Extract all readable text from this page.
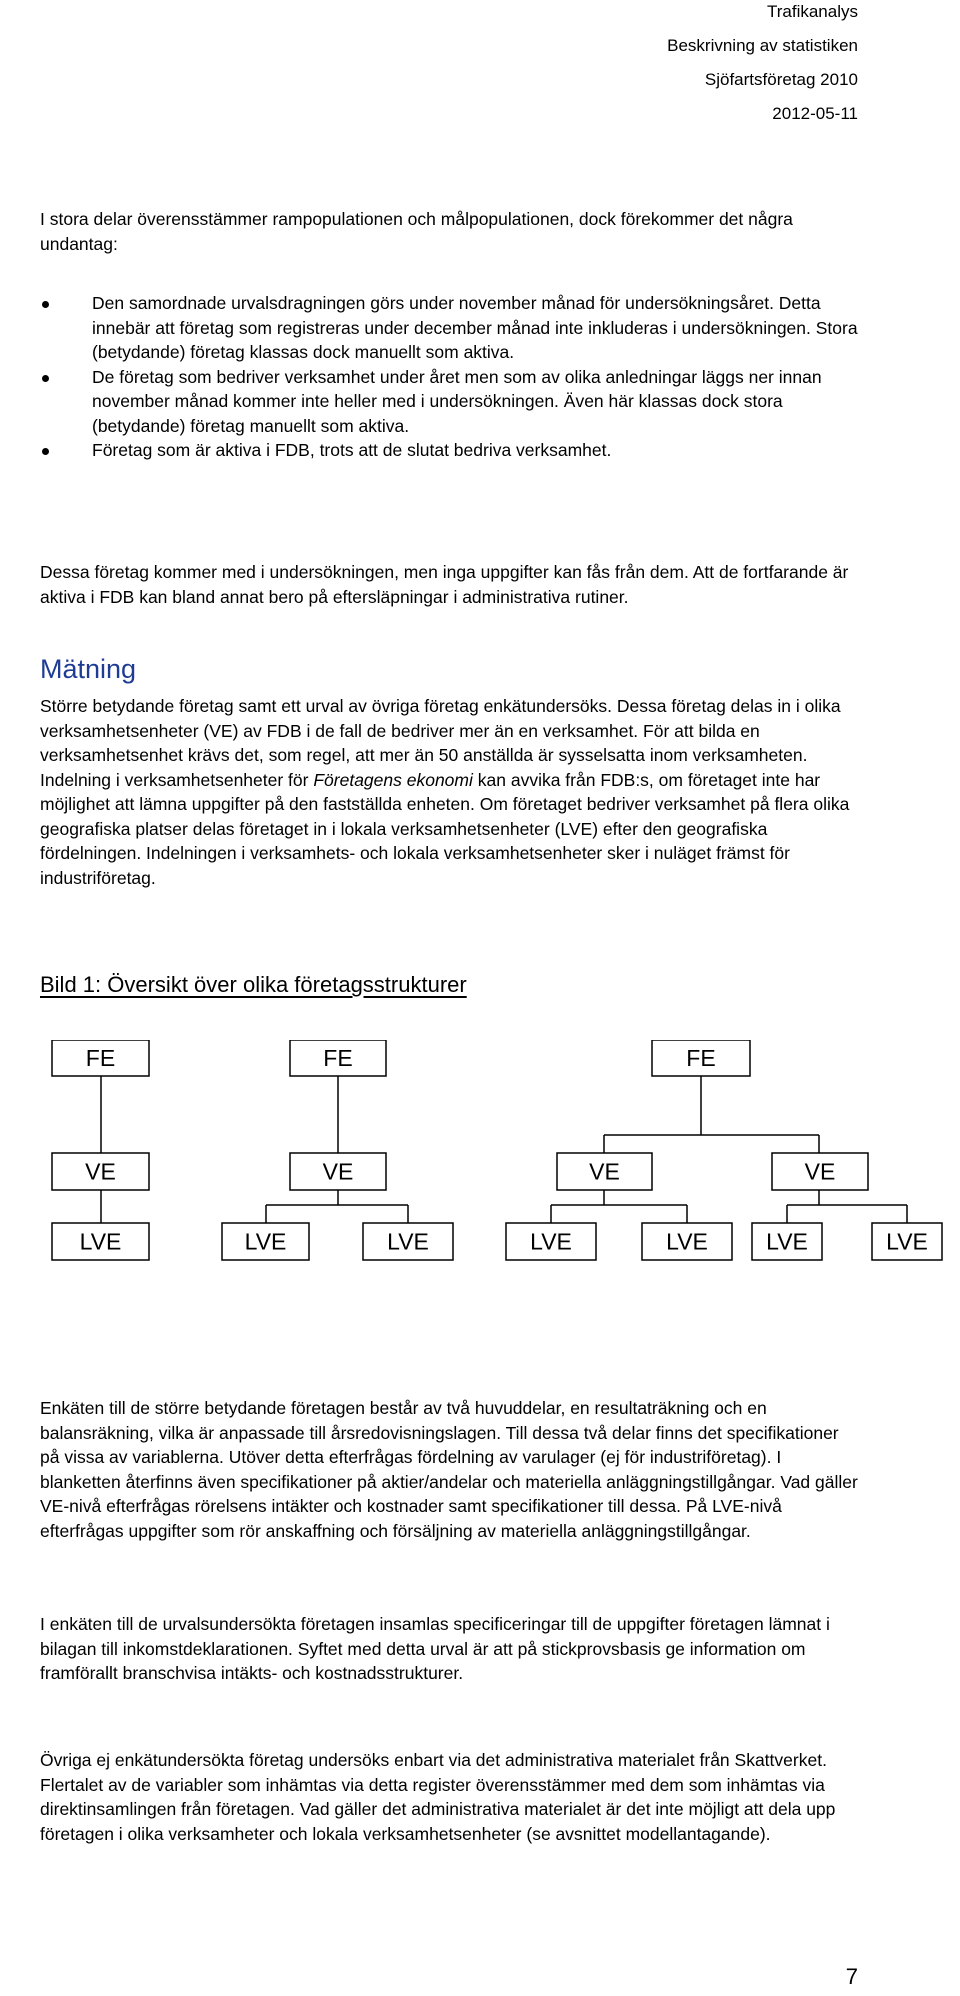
Trafikanalys
Beskrivning av statistiken
Sjöfartsföretag 2010
2012-05-11

I stora delar överensstämmer rampopulationen och målpopulationen, dock förekommer det några undantag:

Den samordnade urvalsdragningen görs under november månad för undersökningsåret. Detta innebär att företag som registreras under december månad inte inkluderas i undersökningen. Stora (betydande) företag klassas dock manuellt som aktiva.
De företag som bedriver verksamhet under året men som av olika anledningar läggs ner innan november månad kommer inte heller med i undersökningen. Även här klassas dock stora (betydande) företag manuellt som aktiva.
Företag som är aktiva i FDB, trots att de slutat bedriva verksamhet.

Dessa företag kommer med i undersökningen, men inga uppgifter kan fås från dem. Att de fortfarande är aktiva i FDB kan bland annat bero på eftersläpningar i administrativa rutiner.

Mätning

Större betydande företag samt ett urval av övriga företag enkätundersöks. Dessa företag delas in i olika verksamhetsenheter (VE) av FDB i de fall de bedriver mer än en verksamhet. För att bilda en verksamhetsenhet krävs det, som regel, att mer än 50 anställda är sysselsatta inom verksamheten. Indelning i verksamhetsenheter för Företagens ekonomi kan avvika från FDB:s, om företaget inte har möjlighet att lämna uppgifter på den fastställda enheten. Om företaget bedriver verksamhet på flera olika geografiska platser delas företaget in i lokala verksamhetsenheter (LVE) efter den geografiska fördelningen. Indelningen i verksamhets- och lokala verksamhetsenheter sker i nuläget främst för industriföretag.

Bild 1: Översikt över olika företagsstrukturer
FE	FE	FE
VE	VE	VE	VE
LVE	LVE	LVE	LVE	LVE	LVE	LVE

Enkäten till de större betydande företagen består av två huvuddelar, en resultaträkning och en balansräkning, vilka är anpassade till årsredovisningslagen. Till dessa två delar finns det specifikationer på vissa av variablerna. Utöver detta efterfrågas fördelning av varulager (ej för industriföretag). I blanketten återfinns även specifikationer på aktier/andelar och materiella anläggningstillgångar. Vad gäller VE-nivå efterfrågas rörelsens intäkter och kostnader samt specifikationer till dessa. På LVE-nivå efterfrågas uppgifter som rör anskaffning och försäljning av materiella anläggningstillgångar.

I enkäten till de urvalsundersökta företagen insamlas specificeringar till de uppgifter företagen lämnat i bilagan till inkomstdeklarationen. Syftet med detta urval är att på stickprovsbasis ge information om framförallt branschvisa intäkts- och kostnadsstrukturer.

Övriga ej enkätundersökta företag undersöks enbart via det administrativa materialet från Skattverket. Flertalet av de variabler som inhämtas via detta register överensstämmer med dem som inhämtas via direktinsamlingen från företagen. Vad gäller det administrativa materialet är det inte möjligt att dela upp företagen i olika verksamheter och lokala verksamhetsenheter (se avsnittet modellantagande).

7
